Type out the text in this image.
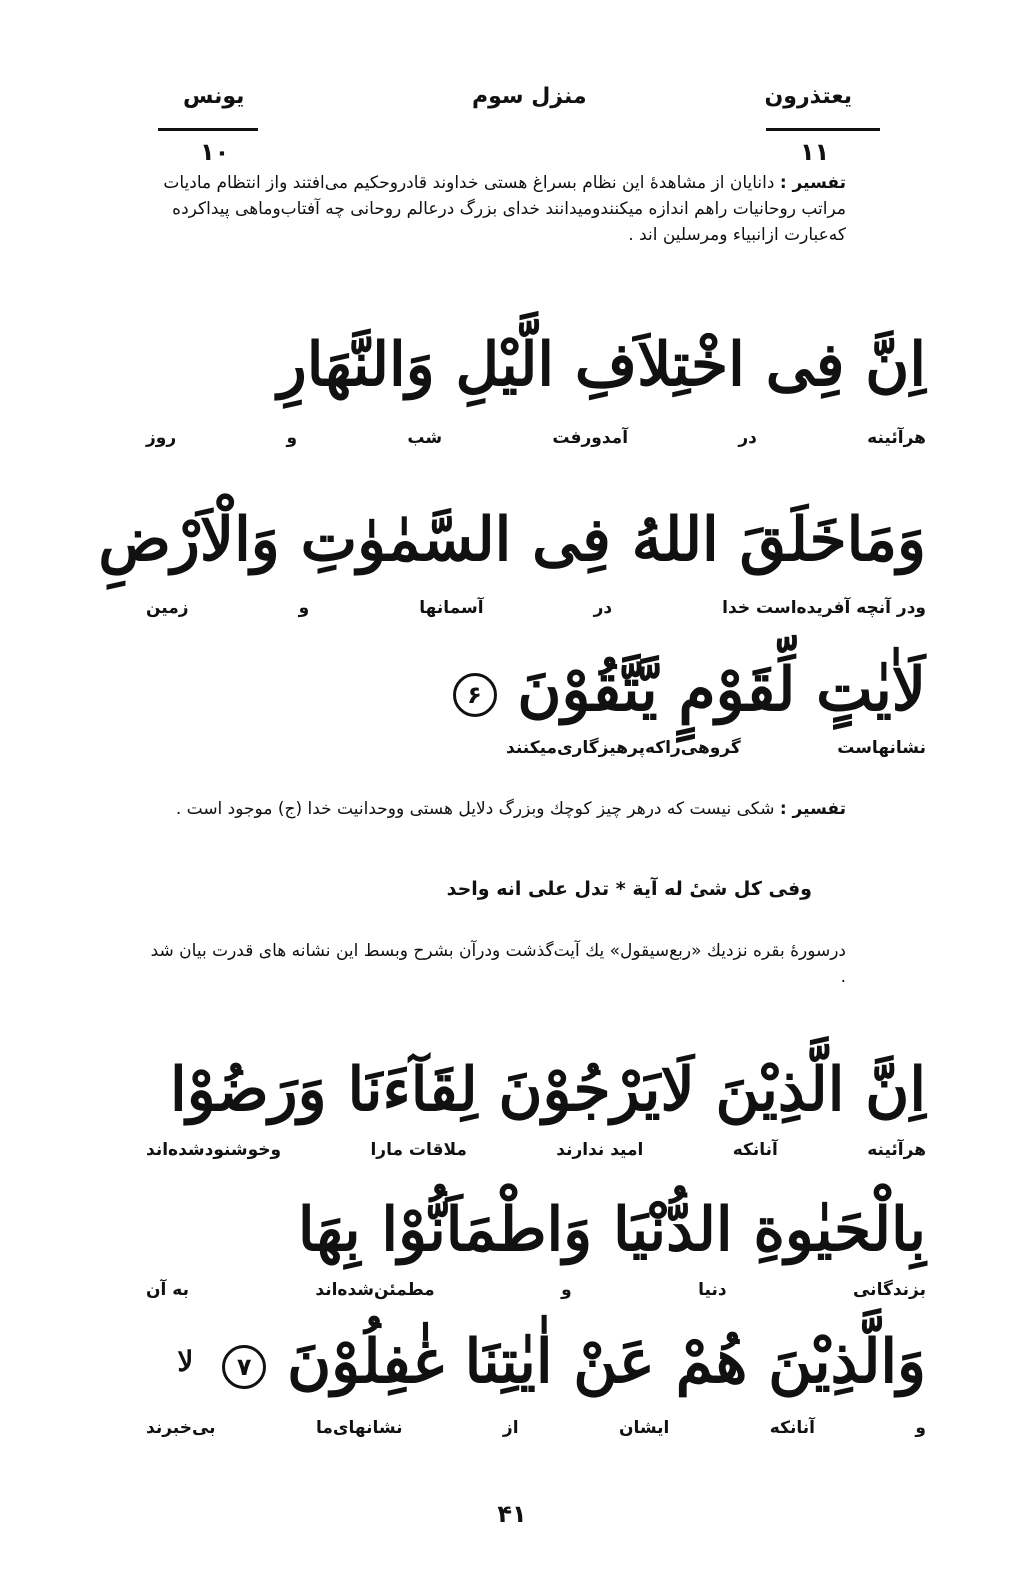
یعتذرون
منزل سوم
یونس
۱۱
۱۰
تفسیر : دانایان از مشاهدهٔ این نظام بسراغ هستی خداوند قادروحکیم می‌افتند واز انتظام مادیات مراتب روحانیات راهم اندازه میکنندومیدانند خدای بزرگ درعالم روحانی چه آفتاب‌وماهی پیداکرده که‌عبارت ازانبیاء ومرسلین اند .
اِنَّ فِی اخْتِلاَفِ الَّیْلِ وَالنَّهَارِ
هرآئینه
در
آمدورفت
شب
و
روز
وَمَاخَلَقَ اللهُ فِی السَّمٰوٰتِ وَالْاَرْضِ
ودر آنچه آفریده‌است خدا
در
آسمانها
و
زمین
لَاٰیٰتٍ لِّقَوْمٍ یَّتَّقُوْنَ ۶
نشانهاست
گروهی‌راکه‌پرهیزگاری‌میکنند
تفسیر : شکی نیست که درهر چیز کوچك وبزرگ دلایل هستی ووحدانیت خدا (ج) موجود است .
وفی کل شیٔ له آیة * تدل علی انه واحد
درسورهٔ بقره نزدیك «ربع‌سیقول» یك آیت‌گذشت ودرآن بشرح وبسط این نشانه های قدرت بیان شد .
اِنَّ الَّذِیْنَ لَایَرْجُوْنَ لِقَآءَنَا وَرَضُوْا
هرآئینه
آنانکه
امید ندارند
ملاقات مارا
وخوشنودشده‌اند
بِالْحَیٰوةِ الدُّنْیَا وَاطْمَاَنُّوْا بِهَا
بزندگانی
دنیا
و
مطمئن‌شده‌اند
به آن
وَالَّذِیْنَ هُمْ عَنْ اٰیٰتِنَا غٰفِلُوْنَ ۷ $^{لا}$
و
آنانکه
ایشان
از
نشانهای‌ما
بی‌خبرند
۴۱
